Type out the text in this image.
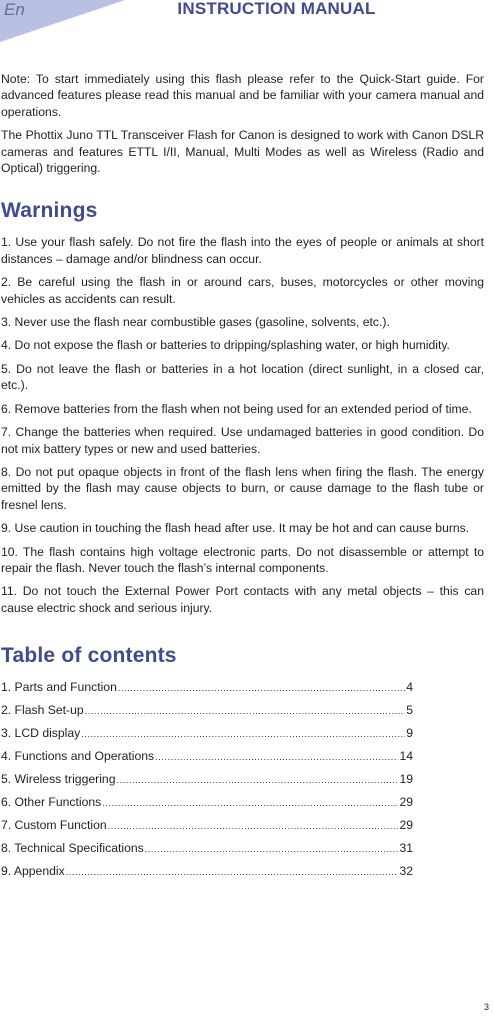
En	INSTRUCTION MANUAL

Note: To start immediately using this flash please refer to the Quick-Start guide. For advanced features please read this manual and be familiar with your camera manual and operations.

The Phottix Juno TTL Transceiver Flash for Canon is designed to work with Canon DSLR cameras and features ETTL I/II, Manual, Multi Modes as well as Wireless (Radio and Optical) triggering.

Warnings

1. Use your flash safely. Do not fire the flash into the eyes of people or animals at short distances – damage and/or blindness can occur.

2. Be careful using the flash in or around cars, buses, motorcycles or other moving vehicles as accidents can result.

3. Never use the flash near combustible gases (gasoline, solvents, etc.).

4. Do not expose the flash or batteries to dripping/splashing water, or high humidity.

5. Do not leave the flash or batteries in a hot location (direct sunlight, in a closed car, etc.).

6. Remove batteries from the flash when not being used for an extended period of time.

7. Change the batteries when required. Use undamaged batteries in good condition. Do not mix battery types or new and used batteries.

8. Do not put opaque objects in front of the flash lens when firing the flash. The energy emitted by the flash may cause objects to burn, or cause damage to the flash tube or fresnel lens.

9. Use caution in touching the flash head after use. It may be hot and can cause burns.

10. The flash contains high voltage electronic parts. Do not disassemble or attempt to repair the flash. Never touch the flash’s internal components.

11. Do not touch the External Power Port contacts with any metal objects – this can cause electric shock and serious injury.

Table of contents
1. Parts and Function .....	4
2. Flash Set-up .....	5
3. LCD display .....	9
4. Functions and Operations .....	14
5. Wireless triggering .....	19
6. Other Functions .....	29
7. Custom Function .....	29
8. Technical Specifications .....	31
9. Appendix .....	32
3
